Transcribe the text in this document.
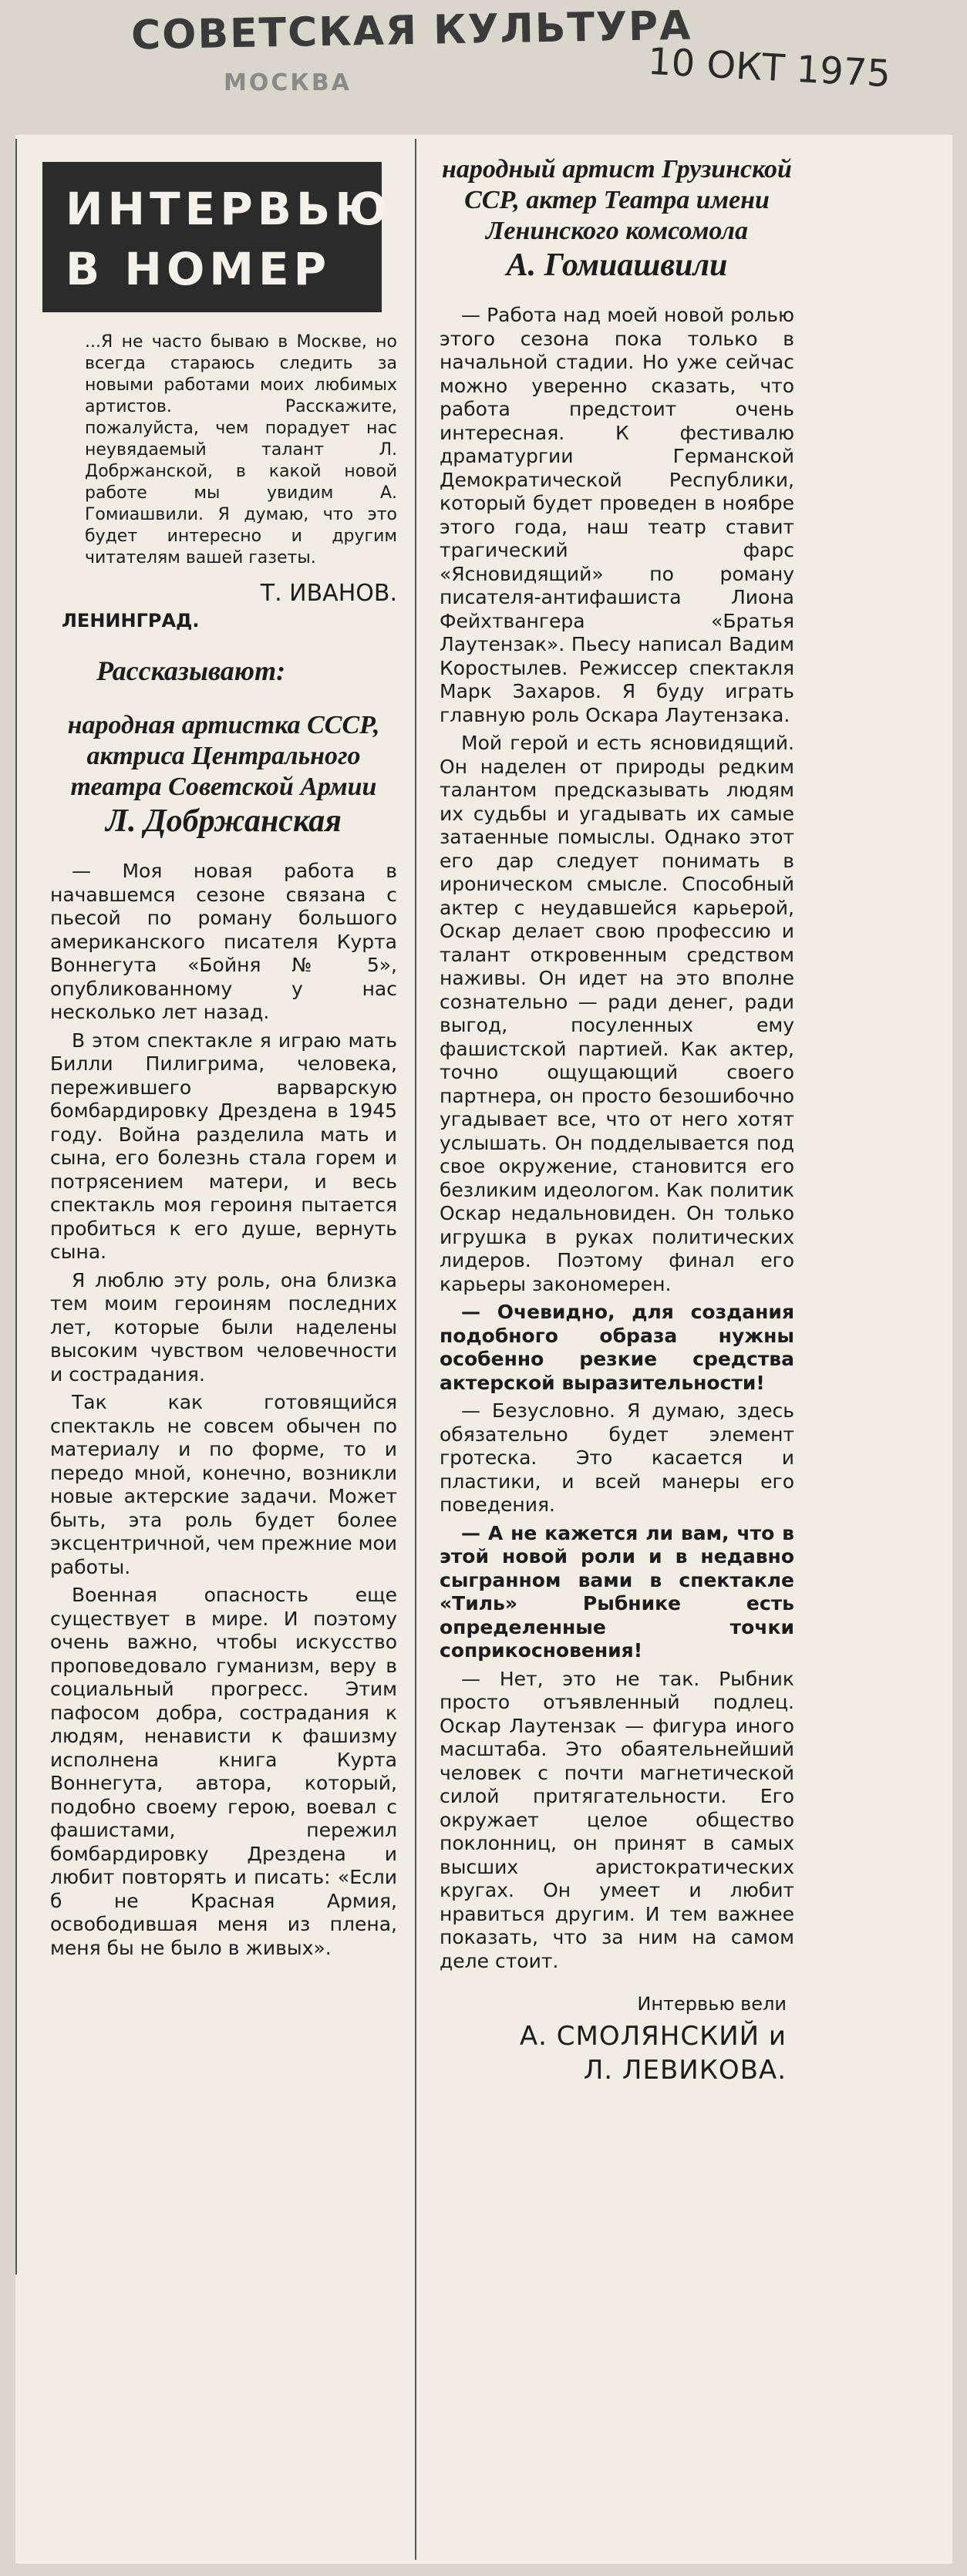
СОВЕТСКАЯ КУЛЬТУРА
МОСКВА	10 ОКТ 1975
ИНТЕРВЬЮ
В НОМЕР
...Я не часто бываю в Москве, но всегда стараюсь следить за новыми работами моих любимых артистов. Расскажите, пожалуйста, чем порадует нас неувядаемый талант Л. Добржанской, в какой новой работе мы увидим А. Гомиашвили. Я думаю, что это будет интересно и другим читателям вашей газеты.
Т. ИВАНОВ.
ЛЕНИНГРАД.
Рассказывают:
народная артистка СССР, актриса Центрального театра Советской Армии
Л. Добржанская

— Моя новая работа в начавшемся сезоне связана с пьесой по роману большого американского писателя Курта Воннегута «Бойня № 5», опубликованному у нас несколько лет назад.

В этом спектакле я играю мать Билли Пилигрима, человека, пережившего варварскую бомбардировку Дрездена в 1945 году. Война разделила мать и сына, его болезнь стала горем и потрясением матери, и весь спектакль моя героиня пытается пробиться к его душе, вернуть сына.

Я люблю эту роль, она близка тем моим героиням последних лет, которые были наделены высоким чувством человечности и сострадания.

Так как готовящийся спектакль не совсем обычен по материалу и по форме, то и передо мной, конечно, возникли новые актерские задачи. Может быть, эта роль будет более эксцентричной, чем прежние мои работы.

Военная опасность еще существует в мире. И поэтому очень важно, чтобы искусство проповедовало гуманизм, веру в социальный прогресс. Этим пафосом добра, сострадания к людям, ненависти к фашизму исполнена книга Курта Воннегута, автора, который, подобно своему герою, воевал с фашистами, пережил бомбардировку Дрездена и любит повторять и писать: «Если б не Красная Армия, освободившая меня из плена, меня бы не было в живых».

народный артист Грузинской ССР, актер Театра имени Ленинского комсомола
А. Гомиашвили

— Работа над моей новой ролью этого сезона пока только в начальной стадии. Но уже сейчас можно уверенно сказать, что работа предстоит очень интересная. К фестивалю драматургии Германской Демократической Республики, который будет проведен в ноябре этого года, наш театр ставит трагический фарс «Ясновидящий» по роману писателя-антифашиста Лиона Фейхтвангера «Братья Лаутензак». Пьесу написал Вадим Коростылев. Режиссер спектакля Марк Захаров. Я буду играть главную роль Оскара Лаутензака.

Мой герой и есть ясновидящий. Он наделен от природы редким талантом предсказывать людям их судьбы и угадывать их самые затаенные помыслы. Однако этот его дар следует понимать в ироническом смысле. Способный актер с неудавшейся карьерой, Оскар делает свою профессию и талант откровенным средством наживы. Он идет на это вполне сознательно — ради денег, ради выгод, посуленных ему фашистской партией. Как актер, точно ощущающий своего партнера, он просто безошибочно угадывает все, что от него хотят услышать. Он подделывается под свое окружение, становится его безликим идеологом. Как политик Оскар недальновиден. Он только игрушка в руках политических лидеров. Поэтому финал его карьеры закономерен.

— Очевидно, для создания подобного образа нужны особенно резкие средства актерской выразительности!

— Безусловно. Я думаю, здесь обязательно будет элемент гротеска. Это касается и пластики, и всей манеры его поведения.

— А не кажется ли вам, что в этой новой роли и в недавно сыгранном вами в спектакле «Тиль» Рыбнике есть определенные точки соприкосновения!

— Нет, это не так. Рыбник просто отъявленный подлец. Оскар Лаутензак — фигура иного масштаба. Это обаятельнейший человек с почти магнетической силой притягательности. Его окружает целое общество поклонниц, он принят в самых высших аристократических кругах. Он умеет и любит нравиться другим. И тем важнее показать, что за ним на самом деле стоит.

Интервью вели
А. СМОЛЯНСКИЙ и
Л. ЛЕВИКОВА.
